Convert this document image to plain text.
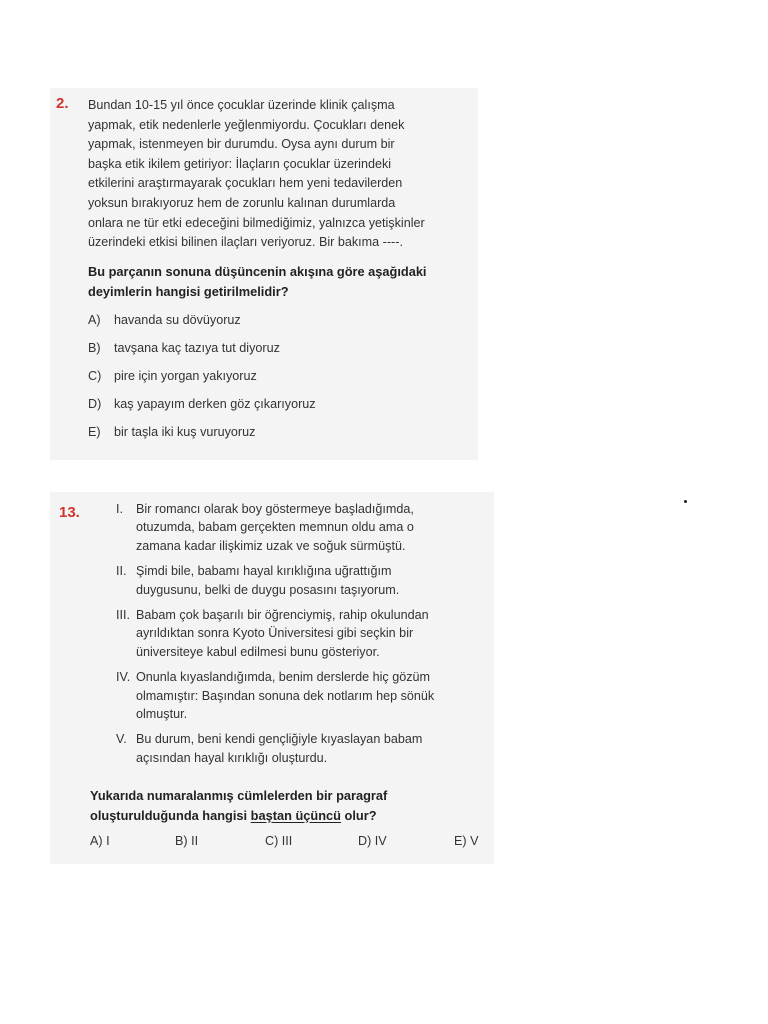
2. Bundan 10-15 yıl önce çocuklar üzerinde klinik çalışma
yapmak, etik nedenlerle yeğlenmiyordu. Çocukları denek
yapmak, istenmeyen bir durumdu. Oysa aynı durum bir
başka etik ikilem getiriyor: İlaçların çocuklar üzerindeki
etkilerini araştırmayarak çocukları hem yeni tedavilerden
yoksun bırakıyoruz hem de zorunlu kalınan durumlarda
onlara ne tür etki edeceğini bilmediğimiz, yalnızca yetişkinler
üzerindeki etkisi bilinen ilaçları veriyoruz. Bir bakıma ----.
Bu parçanın sonuna düşüncenin akışına göre aşağıdaki
deyimlerin hangisi getirilmelidir?
A) havanda su dövüyoruz
B) tavşana kaç tazıya tut diyoruz
C) pire için yorgan yakıyoruz
D) kaş yapayım derken göz çıkarıyoruz
E) bir taşla iki kuş vuruyoruz
13.	I. Bir romancı olarak boy göstermeye başladığımda,
otuzumda, babam gerçekten memnun oldu ama o
zamana kadar ilişkimiz uzak ve soğuk sürmüştü.
II. Şimdi bile, babamı hayal kırıklığına uğrattığım
duygusunu, belki de duygu posasını taşıyorum.
III. Babam çok başarılı bir öğrenciymiş, rahip okulundan
ayrıldıktan sonra Kyoto Üniversitesi gibi seçkin bir
üniversiteye kabul edilmesi bunu gösteriyor.
IV. Onunla kıyaslandığımda, benim derslerde hiç gözüm
olmamıştır: Başından sonuna dek notlarım hep sönük
olmuştur.
V. Bu durum, beni kendi gençliğiyle kıyaslayan babam
açısından hayal kırıklığı oluşturdu.
Yukarıda numaralanmış cümlelerden bir paragraf
oluşturulduğunda hangisi baştan üçüncü olur?
A) I	B) II	C) III	D) IV	E) V
